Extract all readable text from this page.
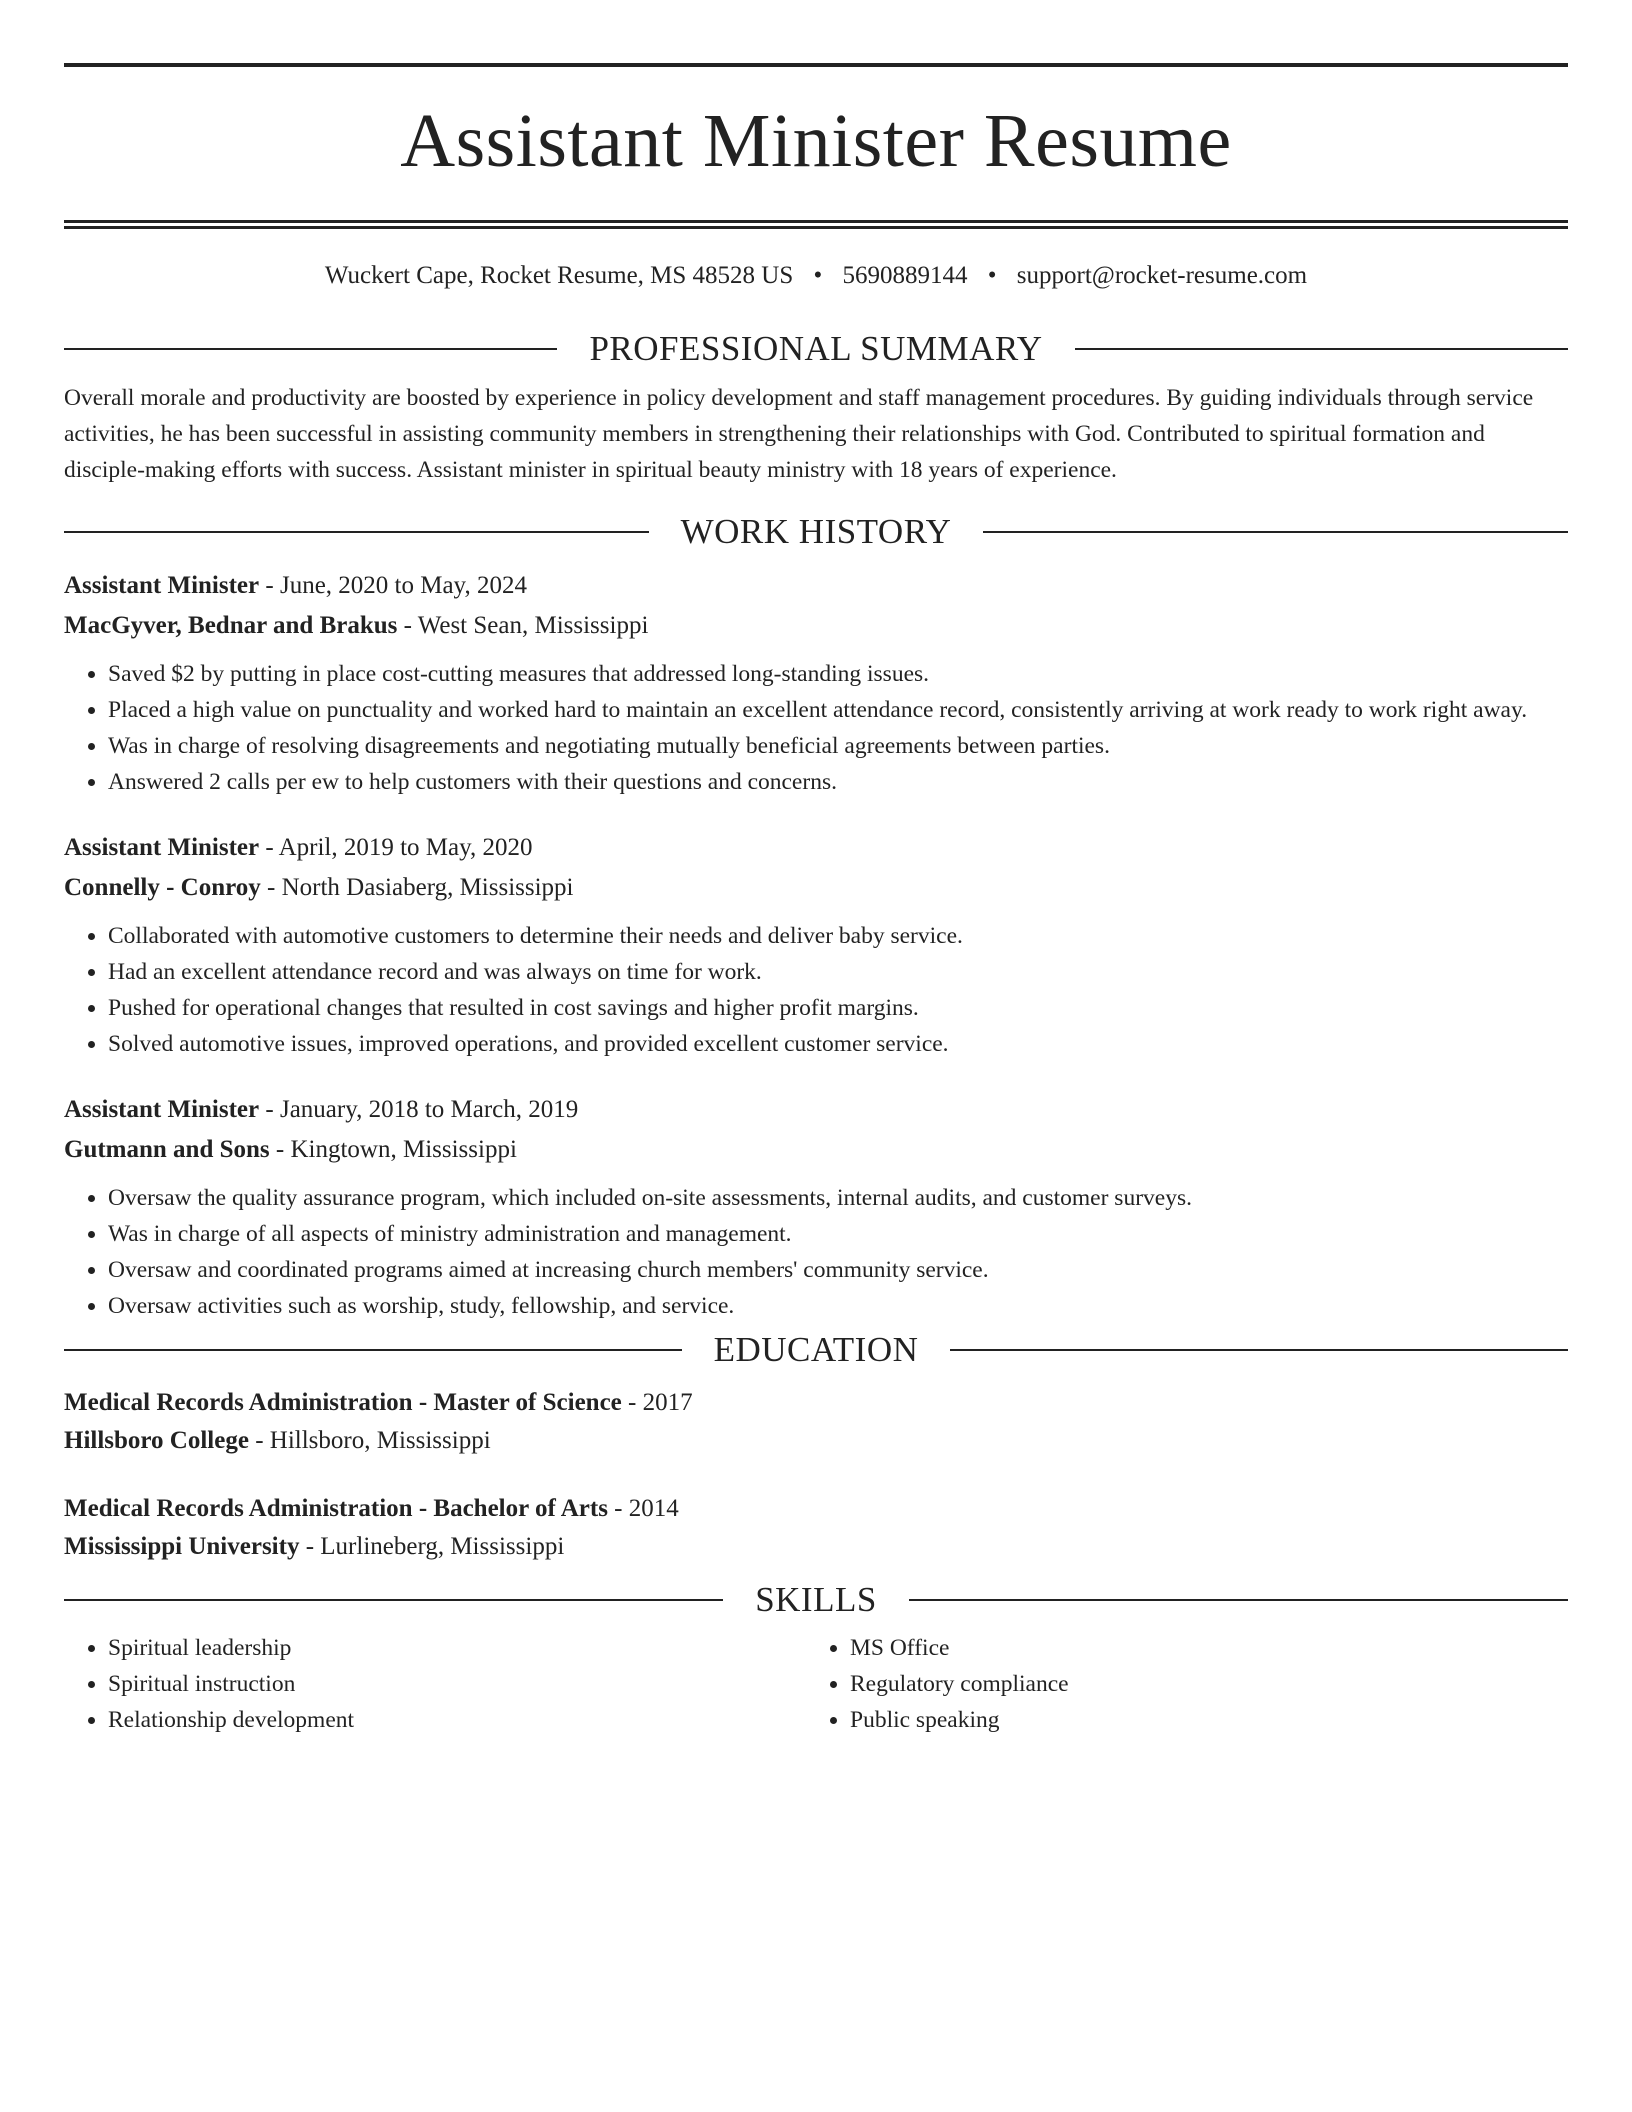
Assistant Minister Resume
Wuckert Cape, Rocket Resume, MS 48528 US • 5690889144 • support@rocket-resume.com
PROFESSIONAL SUMMARY

Overall morale and productivity are boosted by experience in policy development and staff management procedures. By guiding individuals through service activities, he has been successful in assisting community members in strengthening their relationships with God. Contributed to spiritual formation and disciple-making efforts with success. Assistant minister in spiritual beauty ministry with 18 years of experience.

WORK HISTORY
Assistant Minister - June, 2020 to May, 2024
MacGyver, Bednar and Brakus - West Sean, Mississippi
• Saved $2 by putting in place cost-cutting measures that addressed long-standing issues.
• Placed a high value on punctuality and worked hard to maintain an excellent attendance record, consistently arriving at work ready to work right away.
• Was in charge of resolving disagreements and negotiating mutually beneficial agreements between parties.
• Answered 2 calls per ew to help customers with their questions and concerns.
Assistant Minister - April, 2019 to May, 2020
Connelly - Conroy - North Dasiaberg, Mississippi
• Collaborated with automotive customers to determine their needs and deliver baby service.
• Had an excellent attendance record and was always on time for work.
• Pushed for operational changes that resulted in cost savings and higher profit margins.
• Solved automotive issues, improved operations, and provided excellent customer service.
Assistant Minister - January, 2018 to March, 2019
Gutmann and Sons - Kingtown, Mississippi
• Oversaw the quality assurance program, which included on-site assessments, internal audits, and customer surveys.
• Was in charge of all aspects of ministry administration and management.
• Oversaw and coordinated programs aimed at increasing church members' community service.
• Oversaw activities such as worship, study, fellowship, and service.
EDUCATION
Medical Records Administration - Master of Science - 2017
Hillsboro College - Hillsboro, Mississippi
Medical Records Administration - Bachelor of Arts - 2014
Mississippi University - Lurlineberg, Mississippi
SKILLS
• Spiritual leadership
• Spiritual instruction
• Relationship development
• MS Office
• Regulatory compliance
• Public speaking
